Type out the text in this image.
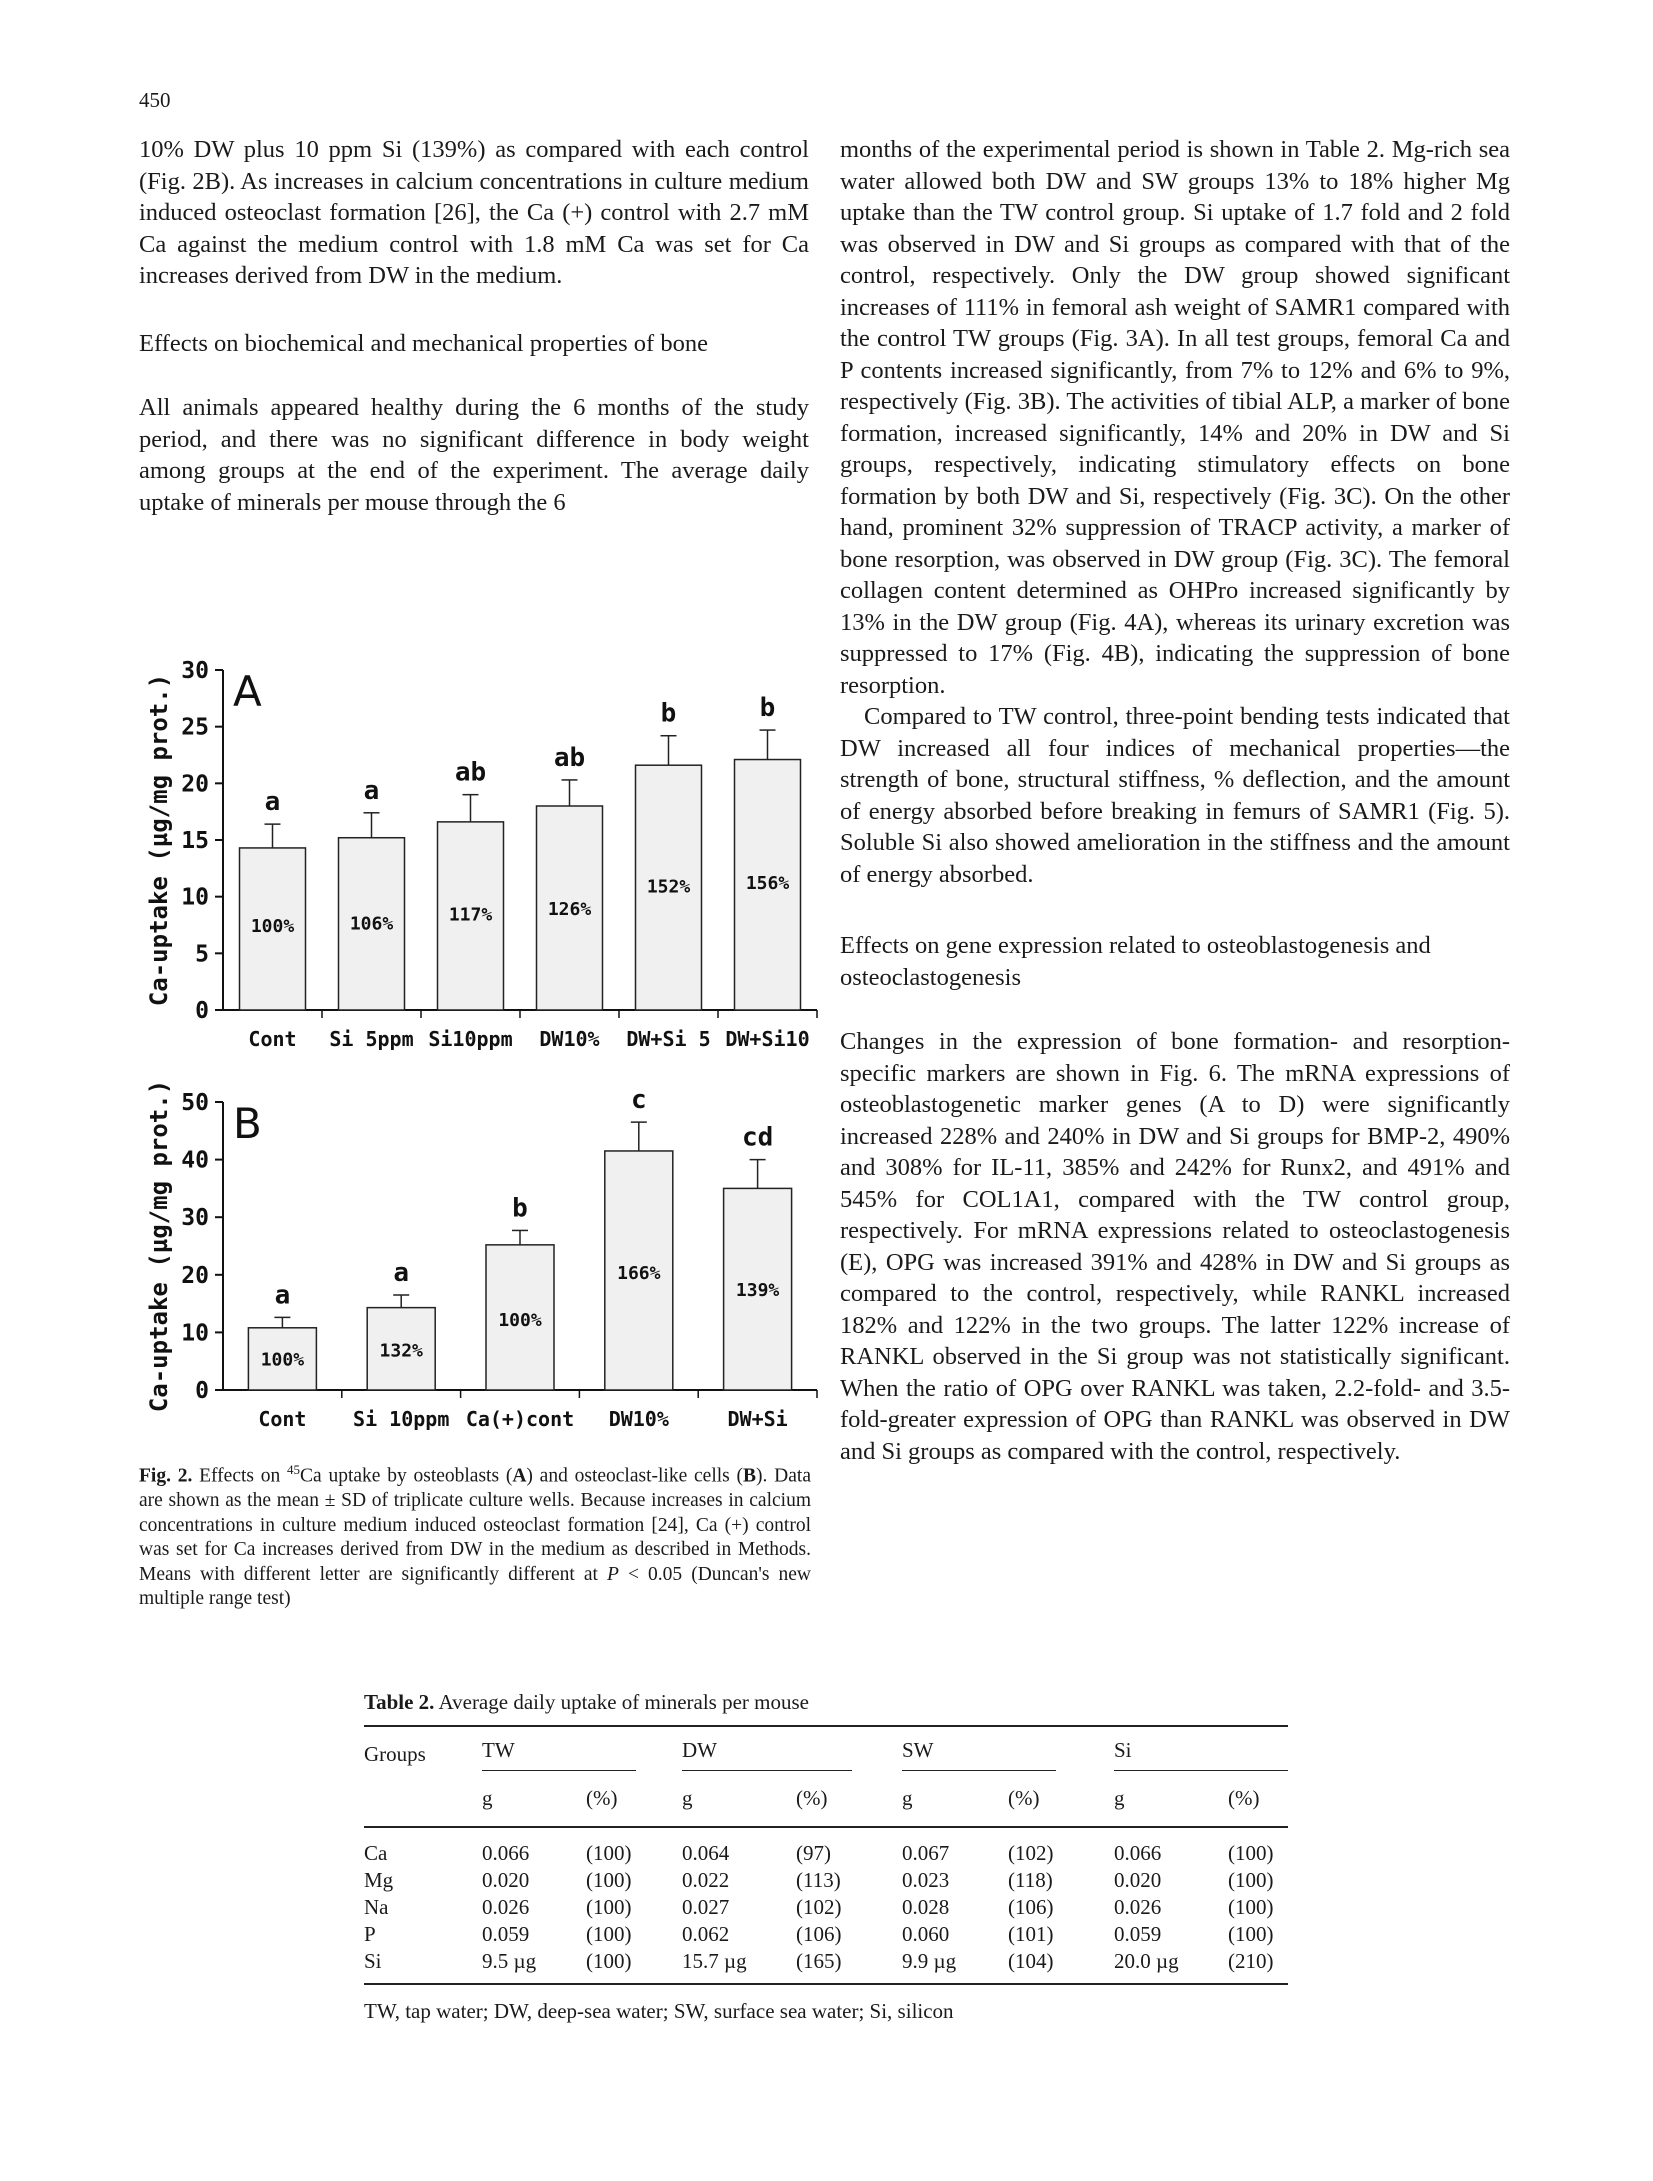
450

10% DW plus 10 ppm Si (139%) as compared with each control (Fig. 2B). As increases in calcium concentrations in culture medium induced osteoclast formation [26], the Ca (+) control with 2.7 mM Ca against the medium control with 1.8 mM Ca was set for Ca increases derived from DW in the medium.

Effects on biochemical and mechanical properties of bone

All animals appeared healthy during the 6 months of the study period, and there was no significant difference in body weight among groups at the end of the experiment. The average daily uptake of minerals per mouse through the 6

months of the experimental period is shown in Table 2. Mg-rich sea water allowed both DW and SW groups 13% to 18% higher Mg uptake than the TW control group. Si uptake of 1.7 fold and 2 fold was observed in DW and Si groups as compared with that of the control, respectively. Only the DW group showed significant increases of 111% in femoral ash weight of SAMR1 compared with the control TW groups (Fig. 3A). In all test groups, femoral Ca and P contents increased significantly, from 7% to 12% and 6% to 9%, respectively (Fig. 3B). The activities of tibial ALP, a marker of bone formation, increased significantly, 14% and 20% in DW and Si groups, respectively, indicating stimulatory effects on bone formation by both DW and Si, respectively (Fig. 3C). On the other hand, prominent 32% suppression of TRACP activity, a marker of bone resorption, was observed in DW group (Fig. 3C). The femoral collagen content determined as OHPro increased significantly by 13% in the DW group (Fig. 4A), whereas its urinary excretion was suppressed to 17% (Fig. 4B), indicating the suppression of bone resorption.

Compared to TW control, three-point bending tests indicated that DW increased all four indices of mechanical properties—the strength of bone, structural stiffness, % deflection, and the amount of energy absorbed before breaking in femurs of SAMR1 (Fig. 5). Soluble Si also showed amelioration in the stiffness and the amount of energy absorbed.

Effects on gene expression related to osteoblastogenesis and osteoclastogenesis

Changes in the expression of bone formation- and resorption-specific markers are shown in Fig. 6. The mRNA expressions of osteoblastogenetic marker genes (A to D) were significantly increased 228% and 240% in DW and Si groups for BMP-2, 490% and 308% for IL-11, 385% and 242% for Runx2, and 491% and 545% for COL1A1, compared with the TW control group, respectively. For mRNA expressions related to osteoclastogenesis (E), OPG was increased 391% and 428% in DW and Si groups as compared to the control, respectively, while RANKL increased 182% and 122% in the two groups. The latter 122% increase of RANKL observed in the Si group was not statistically significant. When the ratio of OPG over RANKL was taken, 2.2-fold- and 3.5-fold-greater expression of OPG than RANKL was observed in DW and Si groups as compared with the control, respectively.

Ca-uptake (µg/mg prot.)
0
5
10
15
20
25
30 A
a
100%
Cont
a
106%
Si 5ppm
ab
117%
Si10ppm
ab
126%
DW10%
b
152%
DW+Si 5
b
156%
DW+Si10
Ca-uptake (µg/mg prot.) 0
10
20
30
40
50 B
a
100%
Cont
a
132%
Si 10ppm
b
100%
Ca(+)cont
c
166%
DW10%
cd
139%
DW+Si
Fig. 2. Effects on $^{45}$Ca uptake by osteoblasts (A) and osteoclast-like cells (B). Data are shown as the mean ± SD of triplicate culture wells. Because increases in calcium concentrations in culture medium induced osteoclast formation [24], Ca (+) control was set for Ca increases derived from DW in the medium as described in Methods. Means with different letter are significantly different at P < 0.05 (Duncan's new multiple range test)
Table 2. Average daily uptake of minerals per mouse
Groups	TW		DW		SW		Si	

	g	(%)	g	(%)	g	(%)	g	(%)

Ca	0.066	(100)	0.064	(97)	0.067	(102)	0.066	(100)
Mg	0.020	(100)	0.022	(113)	0.023	(118)	0.020	(100)
Na	0.026	(100)	0.027	(102)	0.028	(106)	0.026	(100)
P	0.059	(100)	0.062	(106)	0.060	(101)	0.059	(100)
Si	9.5 µg	(100)	15.7 µg	(165)	9.9 µg	(104)	20.0 µg	(210)
TW, tap water; DW, deep-sea water; SW, surface sea water; Si, silicon
